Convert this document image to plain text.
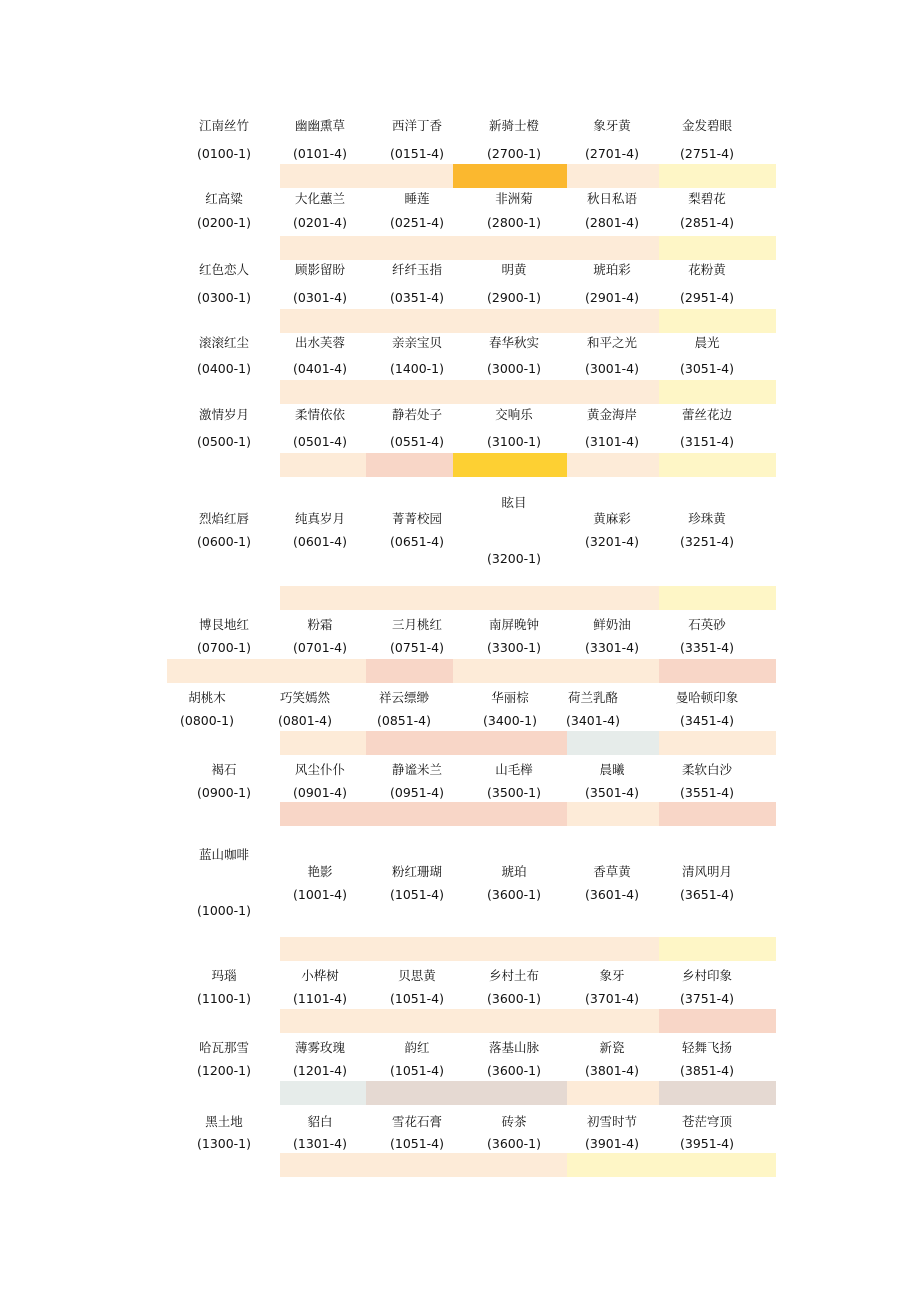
江南丝竹
(0100-1)
幽幽熏草
(0101-4)
西洋丁香
(0151-4)
新骑士橙
(2700-1)
象牙黄
(2701-4)
金发碧眼
(2751-4)
红高粱
(0200-1)
大化蕙兰
(0201-4)
睡莲
(0251-4)
非洲菊
(2800-1)
秋日私语
(2801-4)
梨碧花
(2851-4)
红色恋人
(0300-1)
顾影留盼
(0301-4)
纤纤玉指
(0351-4)
明黄
(2900-1)
琥珀彩
(2901-4)
花粉黄
(2951-4)
滚滚红尘
(0400-1)
出水芙蓉
(0401-4)
亲亲宝贝
(1400-1)
春华秋实
(3000-1)
和平之光
(3001-4)
晨光
(3051-4)
激情岁月
(0500-1)
柔情依依
(0501-4)
静若处子
(0551-4)
交响乐
(3100-1)
黄金海岸
(3101-4)
蕾丝花边
(3151-4)
烈焰红唇
(0600-1)
纯真岁月
(0601-4)
菁菁校园
(0651-4)
眩目
(3200-1)
黄麻彩
(3201-4)
珍珠黄
(3251-4)
博艮地红
(0700-1)
粉霜
(0701-4)
三月桃红
(0751-4)
南屏晚钟
(3300-1)
鲜奶油
(3301-4)
石英砂
(3351-4)
胡桃木
(0800-1)
巧笑嫣然
(0801-4)
祥云缥缈
(0851-4)
华丽棕
(3400-1)
荷兰乳酪
(3401-4)
曼哈顿印象
(3451-4)
褐石
(0900-1)
风尘仆仆
(0901-4)
静谧米兰
(0951-4)
山毛榉
(3500-1)
晨曦
(3501-4)
柔软白沙
(3551-4)
蓝山咖啡
(1000-1)
艳影
(1001-4)
粉红珊瑚
(1051-4)
琥珀
(3600-1)
香草黄
(3601-4)
清风明月
(3651-4)
玛瑙
(1100-1)
小桦树
(1101-4)
贝思黄
(1051-4)
乡村土布
(3600-1)
象牙
(3701-4)
乡村印象
(3751-4)
哈瓦那雪
(1200-1)
薄雾玫瑰
(1201-4)
韵红
(1051-4)
落基山脉
(3600-1)
新瓷
(3801-4)
轻舞飞扬
(3851-4)
黑土地
(1300-1)
貂白
(1301-4)
雪花石膏
(1051-4)
砖茶
(3600-1)
初雪时节
(3901-4)
苍茫穹顶
(3951-4)
